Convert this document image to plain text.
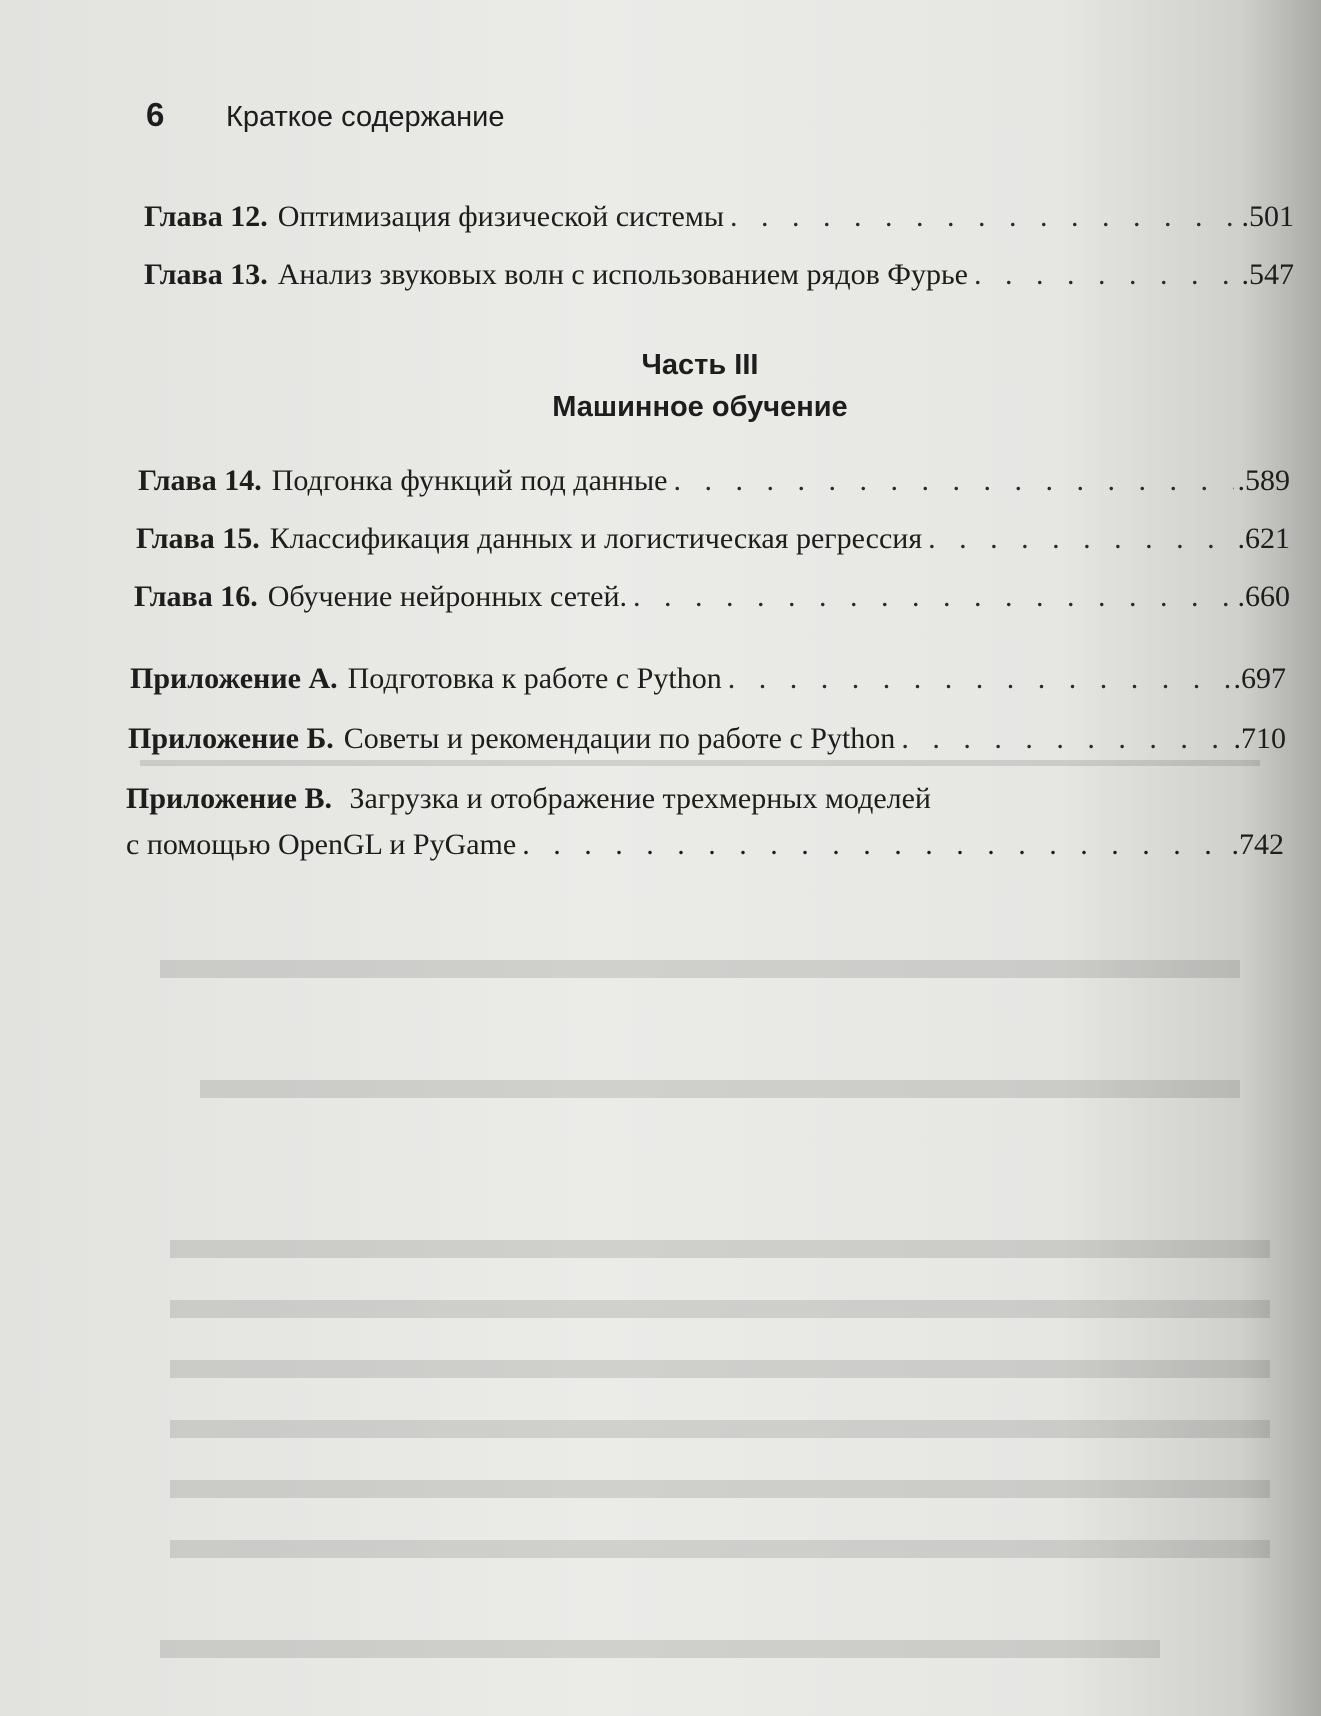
6	Краткое содержание
Глава 12. Оптимизация физической системы . . .	.501
Глава 13. Анализ звуковых волн с использованием рядов Фурье . . .	.547
Часть III
Машинное обучение
Глава 14. Подгонка функций под данные . . .	.589
Глава 15. Классификация данных и логистическая регрессия . . .	.621
Глава 16. Обучение нейронных сетей. . . .	.660
Приложение А. Подготовка к работе с Python . . .	.697
Приложение Б. Советы и рекомендации по работе с Python . . .	.710
Приложение В. Загрузка и отображение трехмерных моделей
с помощью OpenGL и PyGame . . .	.742
